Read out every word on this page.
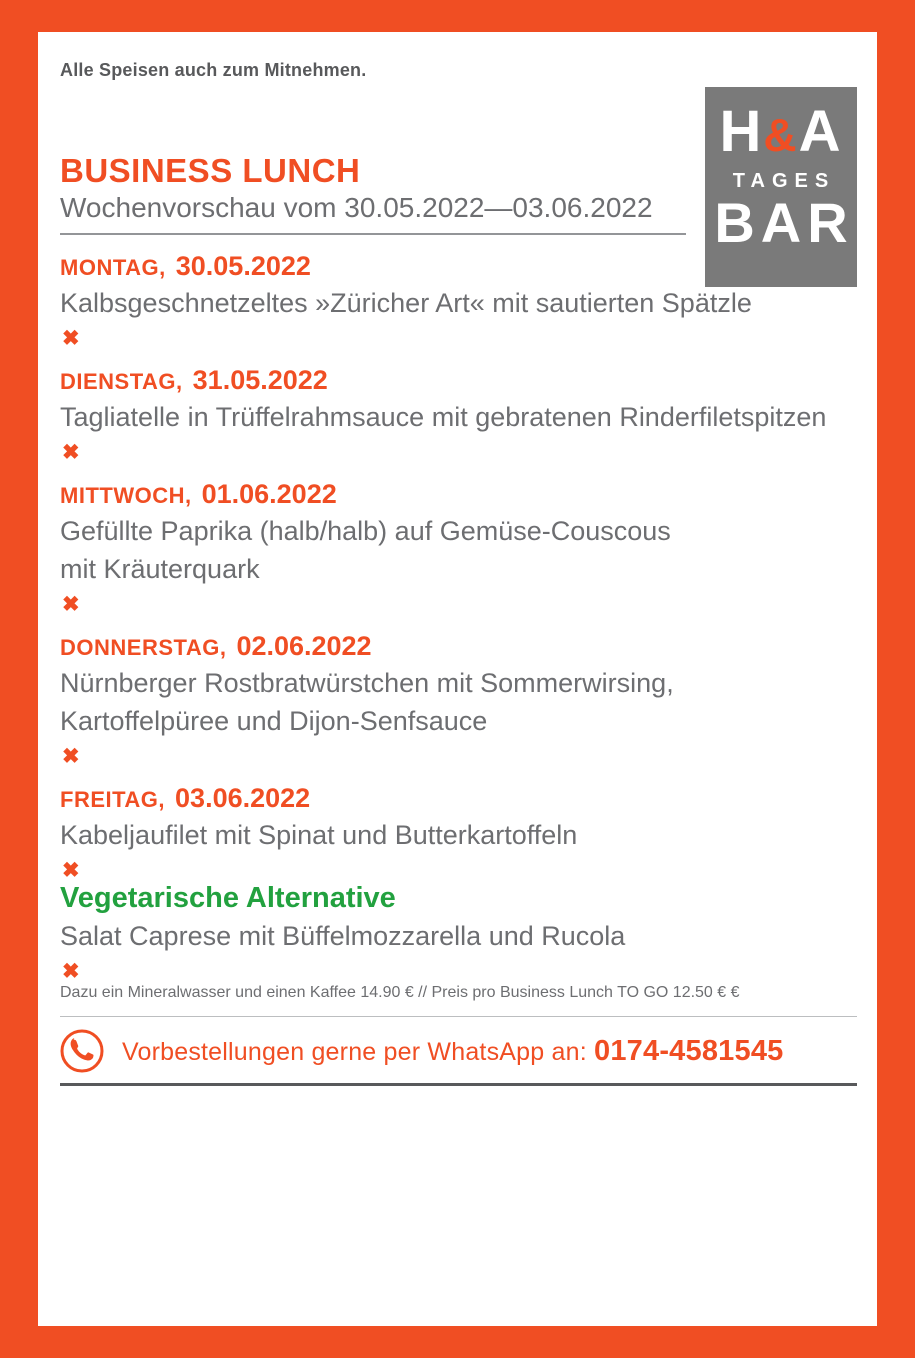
Alle Speisen auch zum Mitnehmen.
H&A
TAGES
BAR
BUSINESS LUNCH
Wochenvorschau vom 30.05.2022—03.06.2022
MONTAG, 30.05.2022
Kalbsgeschnetzeltes »Züricher Art« mit sautierten Spätzle
✖
DIENSTAG, 31.05.2022
Tagliatelle in Trüffelrahmsauce mit gebratenen Rinderfiletspitzen
✖
MITTWOCH, 01.06.2022
Gefüllte Paprika (halb/halb) auf Gemüse-Couscous
mit Kräuterquark
✖
DONNERSTAG, 02.06.2022
Nürnberger Rostbratwürstchen mit Sommerwirsing,
Kartoffelpüree und Dijon-Senfsauce
✖
FREITAG, 03.06.2022
Kabeljaufilet mit Spinat und Butterkartoffeln
✖
Vegetarische Alternative
Salat Caprese mit Büffelmozzarella und Rucola
✖
Dazu ein Mineralwasser und einen Kaffee 14.90 € // Preis pro Business Lunch TO GO 12.50 € €
Vorbestellungen gerne per WhatsApp an: 0174-4581545
